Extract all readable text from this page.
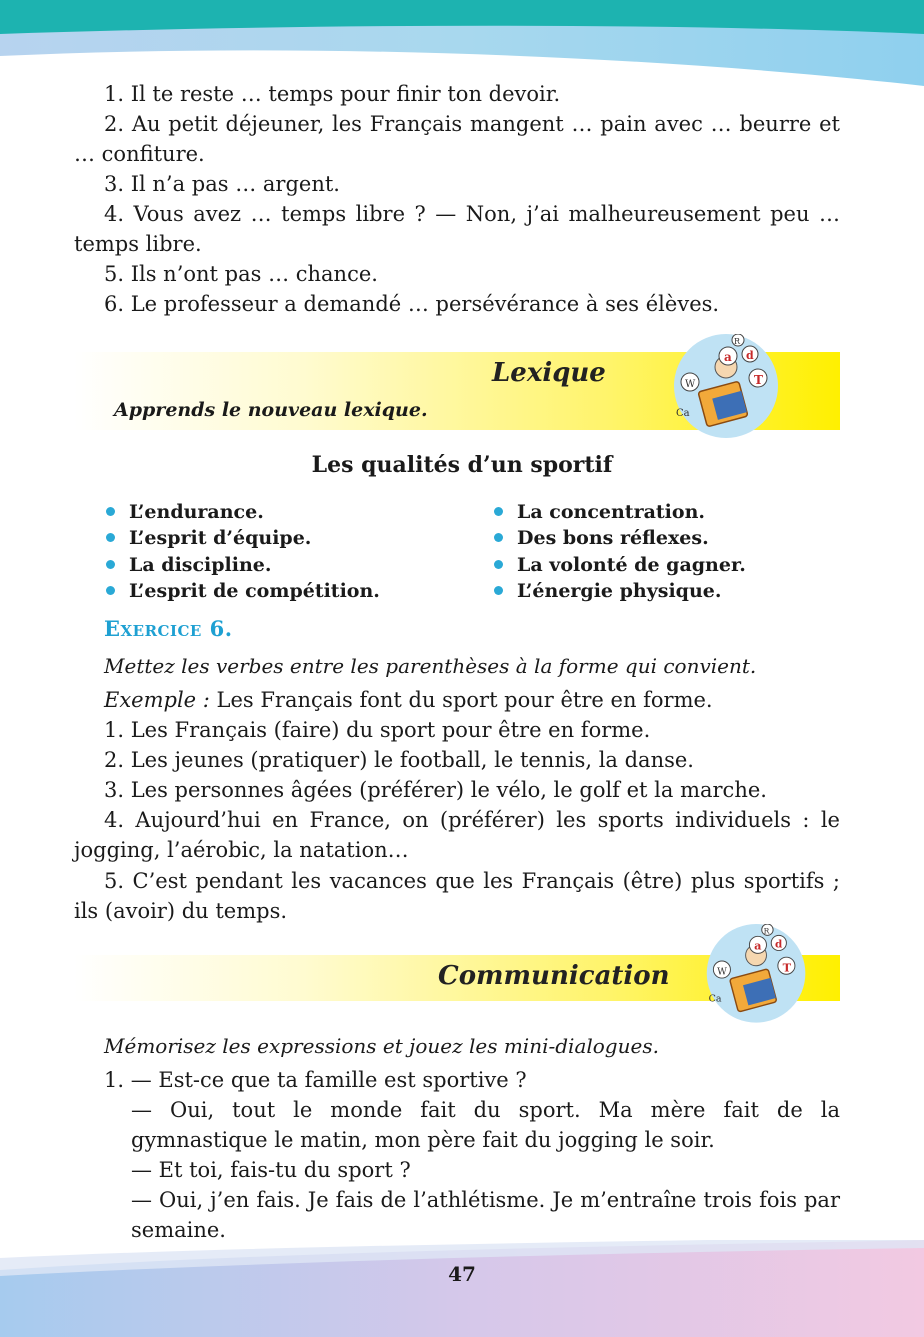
1. Il te reste … temps pour finir ton devoir.
2. Au petit déjeuner, les Français mangent … pain avec … beurre et … confiture.
3. Il n’a pas … argent.
4. Vous avez … temps libre ? — Non, j’ai malheureusement peu … temps libre.
5. Ils n’ont pas … chance.
6. Le professeur a demandé … persévérance à ses élèves.
Lexique
Apprends le nouveau lexique.
a d
T
W
R
Ca
Les qualités d’un sportif
L’endurance.
L’esprit d’équipe.
La discipline.
L’esprit de compétition.
La concentration.
Des bons réflexes.
La volonté de gagner.
L’énergie physique.
Exercice 6.
Mettez les verbes entre les parenthèses à la forme qui convient.
Exemple : Les Français font du sport pour être en forme.
1. Les Français (faire) du sport pour être en forme.
2. Les jeunes (pratiquer) le football, le tennis, la danse.
3. Les personnes âgées (préférer) le vélo, le golf et la marche.
4. Aujourd’hui en France, on (préférer) les sports individuels : le jogging, l’aérobic, la natation…
5. C’est pendant les vacances que les Français (être) plus sportifs ; ils (avoir) du temps.
Communication
a d
T
W
R
Ca
Mémorisez les expressions et jouez les mini-dialogues.
1. — Est-ce que ta famille est sportive ?
— Oui, tout le monde fait du sport. Ma mère fait de la gymnastique le matin, mon père fait du jogging le soir.
— Et toi, fais-tu du sport ?
— Oui, j’en fais. Je fais de l’athlétisme. Je m’entraîne trois fois par semaine.
47
